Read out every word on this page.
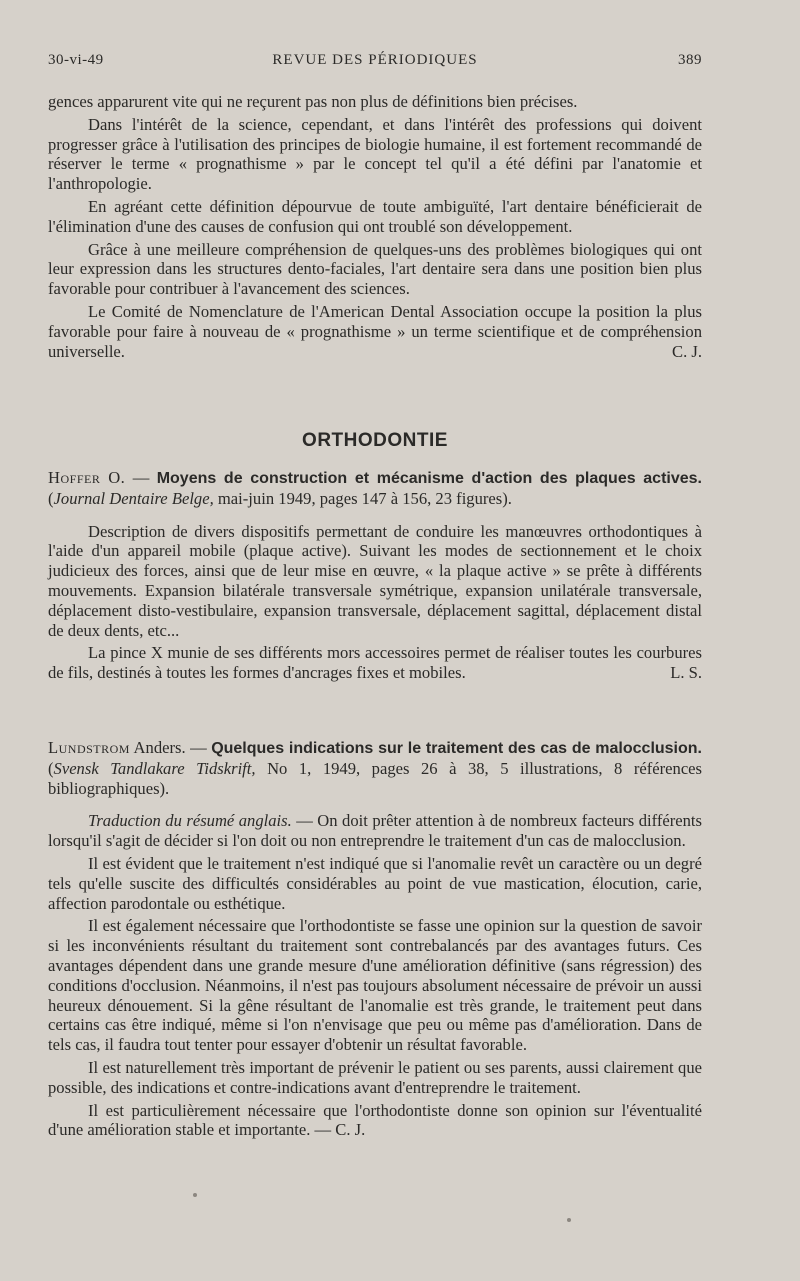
30-vi-49	REVUE DES PÉRIODIQUES	389

gences apparurent vite qui ne reçurent pas non plus de définitions bien précises.

Dans l'intérêt de la science, cependant, et dans l'intérêt des professions qui doivent progresser grâce à l'utilisation des principes de biologie humaine, il est fortement recommandé de réserver le terme « prognathisme » par le concept tel qu'il a été défini par l'anatomie et l'anthropologie.

En agréant cette définition dépourvue de toute ambiguïté, l'art dentaire bénéficierait de l'élimination d'une des causes de confusion qui ont troublé son développement.

Grâce à une meilleure compréhension de quelques-uns des problèmes biologiques qui ont leur expression dans les structures dento-faciales, l'art dentaire sera dans une position bien plus favorable pour contribuer à l'avancement des sciences.

Le Comité de Nomenclature de l'American Dental Association occupe la position la plus favorable pour faire à nouveau de « prognathisme » un terme scientifique et de compréhension universelle.	C. J.

ORTHODONTIE

Hoffer O. — Moyens de construction et mécanisme d'action des plaques actives. (Journal Dentaire Belge, mai-juin 1949, pages 147 à 156, 23 figures).

Description de divers dispositifs permettant de conduire les manœuvres orthodontiques à l'aide d'un appareil mobile (plaque active). Suivant les modes de sectionnement et le choix judicieux des forces, ainsi que de leur mise en œuvre, « la plaque active » se prête à différents mouvements. Expansion bilatérale transversale symétrique, expansion unilatérale transversale, déplacement disto-vestibulaire, expansion transversale, déplacement sagittal, déplacement distal de deux dents, etc...

La pince X munie de ses différents mors accessoires permet de réaliser toutes les courbures de fils, destinés à toutes les formes d'ancrages fixes et mobiles.	L. S.

Lundstrom Anders. — Quelques indications sur le traitement des cas de malocclusion. (Svensk Tandlakare Tidskrift, No 1, 1949, pages 26 à 38, 5 illustrations, 8 références bibliographiques).

Traduction du résumé anglais. — On doit prêter attention à de nombreux facteurs différents lorsqu'il s'agit de décider si l'on doit ou non entreprendre le traitement d'un cas de malocclusion.

Il est évident que le traitement n'est indiqué que si l'anomalie revêt un caractère ou un degré tels qu'elle suscite des difficultés considérables au point de vue mastication, élocution, carie, affection parodontale ou esthétique.

Il est également nécessaire que l'orthodontiste se fasse une opinion sur la question de savoir si les inconvénients résultant du traitement sont contrebalancés par des avantages futurs. Ces avantages dépendent dans une grande mesure d'une amélioration définitive (sans régression) des conditions d'occlusion. Néanmoins, il n'est pas toujours absolument nécessaire de prévoir un aussi heureux dénouement. Si la gêne résultant de l'anomalie est très grande, le traitement peut dans certains cas être indiqué, même si l'on n'envisage que peu ou même pas d'amélioration. Dans de tels cas, il faudra tout tenter pour essayer d'obtenir un résultat favorable.

Il est naturellement très important de prévenir le patient ou ses parents, aussi clairement que possible, des indications et contre-indications avant d'entreprendre le traitement.

Il est particulièrement nécessaire que l'orthodontiste donne son opinion sur l'éventualité d'une amélioration stable et importante. — C. J.
